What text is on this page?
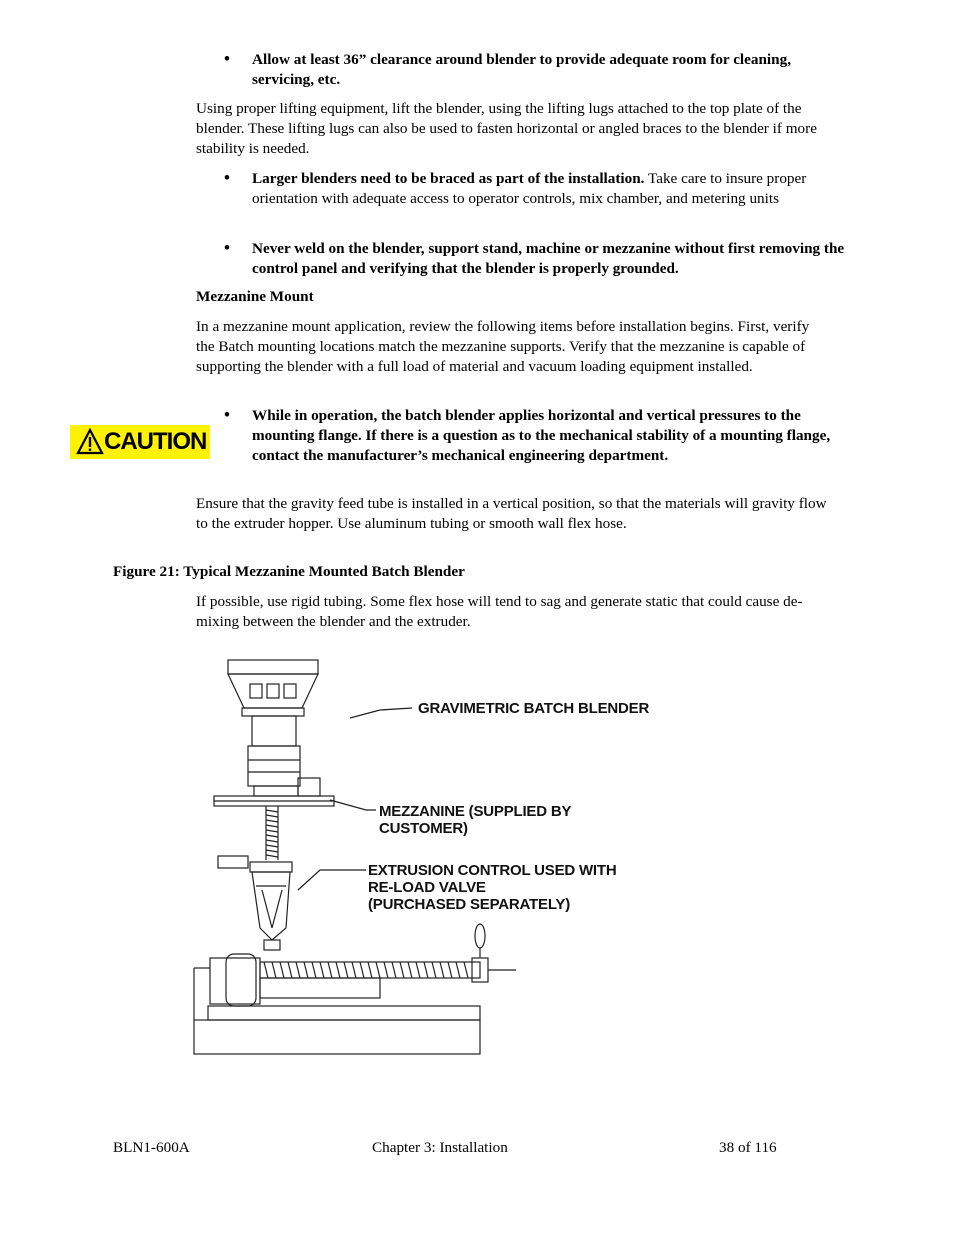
• Allow at least 36” clearance around blender to provide adequate room for cleaning, servicing, etc.

Using proper lifting equipment, lift the blender, using the lifting lugs attached to the top plate of the blender. These lifting lugs can also be used to fasten horizontal or angled braces to the blender if more stability is needed.

• Larger blenders need to be braced as part of the installation. Take care to insure proper orientation with adequate access to operator controls, mix chamber, and metering units
• Never weld on the blender, support stand, machine or mezzanine without first removing the control panel and verifying that the blender is properly grounded.
Mezzanine Mount

In a mezzanine mount application, review the following items before installation begins. First, verify the Batch mounting locations match the mezzanine supports. Verify that the mezzanine is capable of supporting the blender with a full load of material and vacuum loading equipment installed.

CAUTION
• While in operation, the batch blender applies horizontal and vertical pressures to the mounting flange. If there is a question as to the mechanical stability of a mounting flange, contact the manufacturer’s mechanical engineering department.

Ensure that the gravity feed tube is installed in a vertical position, so that the materials will gravity flow to the extruder hopper. Use aluminum tubing or smooth wall flex hose.

Figure 21: Typical Mezzanine Mounted Batch Blender

If possible, use rigid tubing. Some flex hose will tend to sag and generate static that could cause de-mixing between the blender and the extruder.

GRAVIMETRIC BATCH BLENDER
MEZZANINE (SUPPLIED BY
CUSTOMER)
EXTRUSION CONTROL USED WITH
RE-LOAD VALVE
(PURCHASED SEPARATELY)
BLN1-600A	Chapter 3: Installation	38 of 116
